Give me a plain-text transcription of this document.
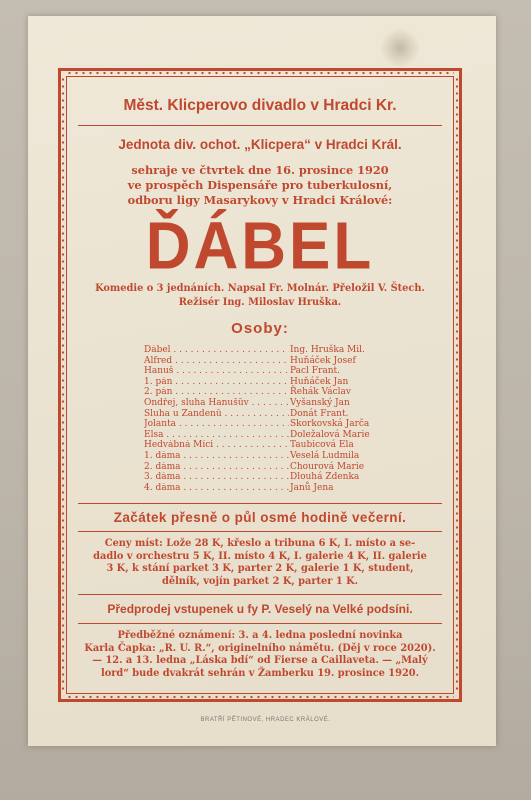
Měst. Klicperovo divadlo v Hradci Kr.
Jednota div. ochot. „Klicpera“ v Hradci Král.
sehraje ve čtvrtek dne 16. prosince 1920
ve prospěch Dispensáře pro tuberkulosní,
odboru ligy Masarykovy v Hradci Králové:
ĎÁBEL
Komedie o 3 jednáních. Napsal Fr. Molnár. Přeložil V. Štech.
Režisér Ing. Miloslav Hruška.
Osoby:
Ďábel . . .	Ing. Hruška Mil.
Alfred . . .	Huňáček Josef
Hanuš . . .	Pacl Frant.
1. pán . . .	Huňáček Jan
2. pán . . .	Řehák Václav
Ondřej, sluha Hanušův . . .	Vyšanský Jan
Sluha u Zandenů . . .	Donát Frant.
Jolanta . . .	Skorkovská Jarča
Elsa . . .	Doležalová Marie
Hedvábná Míci . . .	Taubicová Ela
1. dáma . . .	Veselá Ludmila
2. dáma . . .	Chourová Marie
3. dáma . . .	Dlouhá Zdenka
4. dáma . . .	Janů Jena
Začátek přesně o půl osmé hodině večerní.
Ceny míst: Lože 28 K, křeslo a tribuna 6 K, I. místo a se-
dadlo v orchestru 5 K, II. místo 4 K, I. galerie 4 K, II. galerie
3 K, k stání parket 3 K, parter 2 K, galerie 1 K, student,
dělník, vojín parket 2 K, parter 1 K.
Předprodej vstupenek u fy P. Veselý na Velké podsíni.
Předběžné oznámení: 3. a 4. ledna poslední novinka
Karla Čapka: „R. U. R.“, originelního námětu. (Děj v roce 2020).
— 12. a 13. ledna „Láska bdí“ od Fierse a Caillaveta. — „Malý
lord“ bude dvakrát sehrán v Žamberku 19. prosince 1920.
BRATŘÍ PĚTINOVÉ, HRADEC KRÁLOVÉ.
